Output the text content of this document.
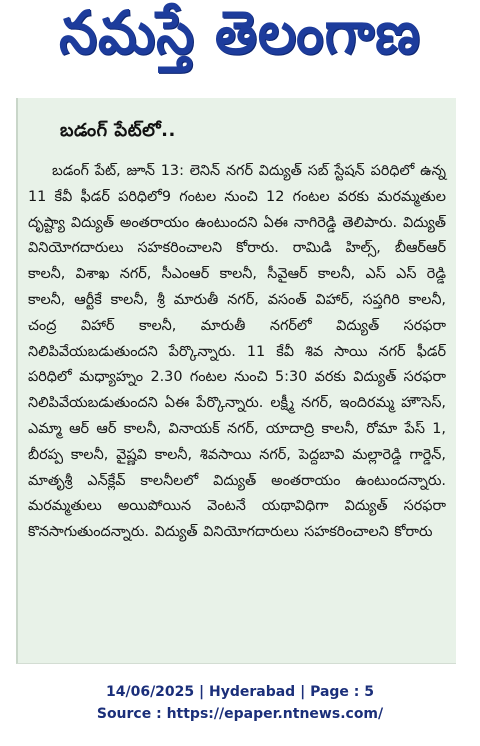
నమస్తే తెలంగాణ
బడంగ్‌ పేట్‌లో..
బడంగ్‌ పేట్‌, జూన్‌ 13: లెనిన్‌ నగర్‌ విద్యుత్‌ సబ్‌ స్టేషన్‌ పరిధిలో ఉన్న 11 కేవీ ఫీడర్‌ పరిధిలో9 గంటల నుంచి 12 గంటల వరకు మరమ్మతుల దృష్ట్యా విద్యుత్‌ అంతరాయం ఉంటుందని ఏఈ నాగిరెడ్డి తెలిపారు. విద్యుత్‌ వినియోగదారులు సహకరించాలని కోరారు. రామిడి హిల్స్‌, బీఆర్‌ఆర్‌ కాలనీ, విశాఖ నగర్‌, సీఎంఆర్‌ కాలనీ, సీవైఆర్‌ కాలనీ, ఎస్‌ ఎస్‌ రెడ్డి కాలనీ, ఆర్టీకే కాలనీ, శ్రీ మారుతీ నగర్‌, వసంత్‌ విహార్‌, సప్తగిరి కాలనీ, చంద్ర విహార్‌ కాలనీ, మారుతీ నగర్‌లో విద్యుత్‌ సరఫరా నిలిపివేయబడుతుందని పేర్కొన్నారు. 11 కేవీ శివ సాయి నగర్‌ ఫీడర్‌ పరిధిలో మధ్యాహ్నం 2.30 గంటల నుంచి 5:30 వరకు విద్యుత్‌ సరఫరా నిలిపివేయబడుతుందని ఏఈ పేర్కొన్నారు. లక్ష్మీ నగర్‌, ఇందిరమ్మ హౌసెస్‌, ఎమ్మా ఆర్‌ ఆర్‌ కాలనీ, వినాయక్‌ నగర్‌, యాదాద్రి కాలనీ, రోమా పేస్‌ 1, బీరప్ప కాలనీ, వైష్ణవి కాలనీ, శివసాయి నగర్‌, పెద్దబావి మల్లారెడ్డి గార్డెన్‌, మాతృశ్రీ ఎన్‌క్లేవ్‌ కాలనీలలో విద్యుత్‌ అంతరాయం ఉంటుందన్నారు. మరమ్మతులు అయిపోయిన వెంటనే యథావిధిగా విద్యుత్‌ సరఫరా కొనసాగుతుందన్నారు. విద్యుత్‌ వినియోగదారులు సహకరించాలని కోరారు
14/06/2025 | Hyderabad | Page : 5
Source : https://epaper.ntnews.com/
